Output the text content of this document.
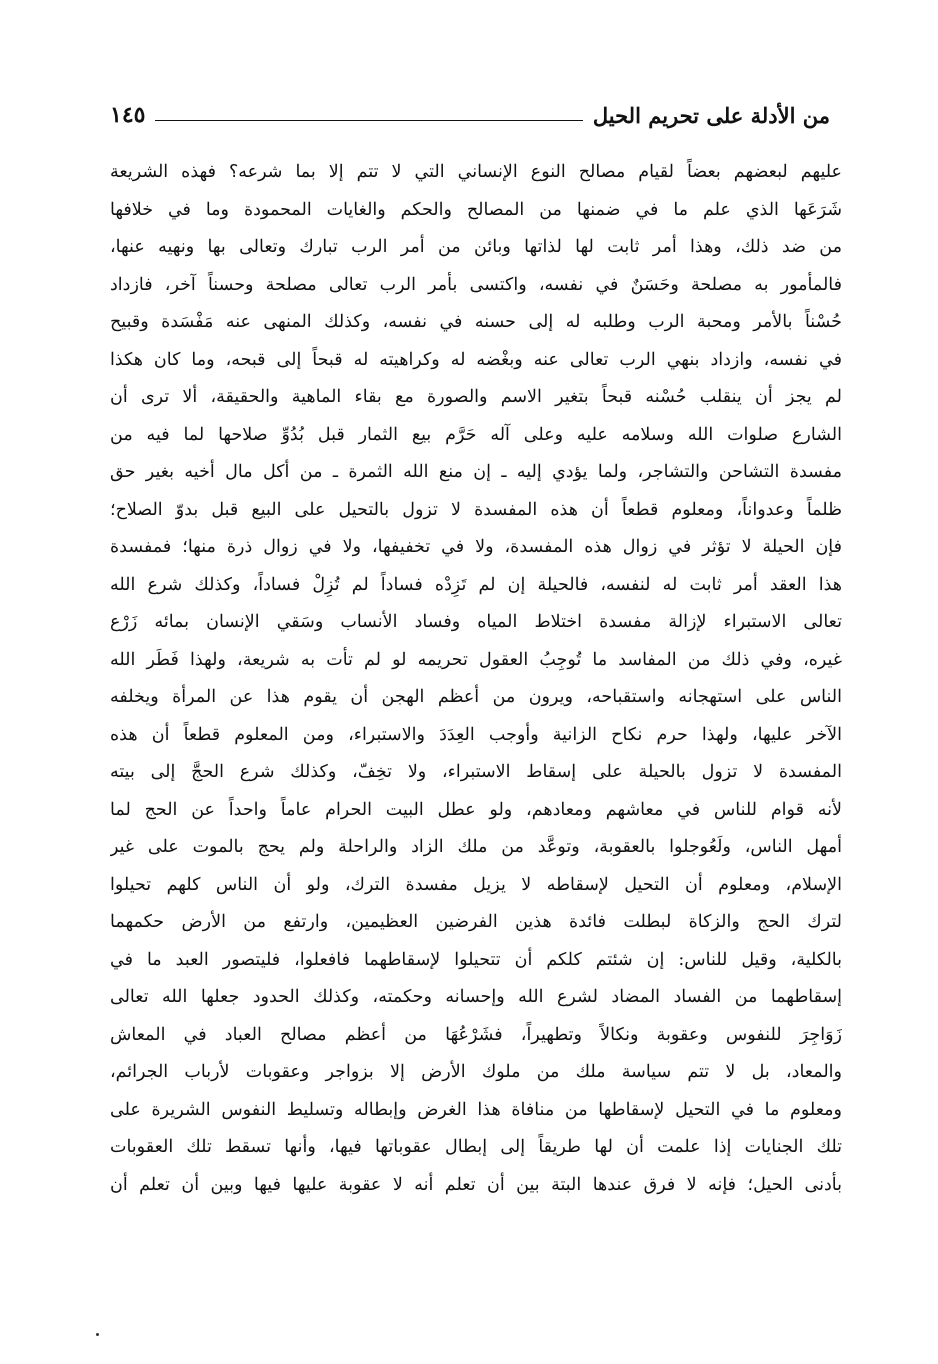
من الأدلة على تحريم الحيل
١٤٥
عليهم لبعضهم بعضاً لقيام مصالح النوع الإنساني التي لا تتم إلا بما شرعه؟ فهذه الشريعة
شَرَعَها الذي علم ما في ضمنها من المصالح والحكم والغايات المحمودة وما في خلافها
من ضد ذلك، وهذا أمر ثابت لها لذاتها وبائن من أمر الرب تبارك وتعالى بها ونهيه عنها،
فالمأمور به مصلحة وحَسَنٌ في نفسه، واكتسى بأمر الرب تعالى مصلحة وحسناً آخر، فازداد
حُسْناً بالأمر ومحبة الرب وطلبه له إلى حسنه في نفسه، وكذلك المنهى عنه مَفْسَدة وقبيح
في نفسه، وازداد بنهي الرب تعالى عنه وبغْضه له وكراهيته له قبحاً إلى قبحه، وما كان هكذا
لم يجز أن ينقلب حُسْنه قبحاً بتغير الاسم والصورة مع بقاء الماهية والحقيقة، ألا ترى أن
الشارع صلوات الله وسلامه عليه وعلى آله حَرَّم بيع الثمار قبل بُدُوِّ صلاحها لما فيه من
مفسدة التشاحن والتشاجر، ولما يؤدي إليه ـ إن منع الله الثمرة ـ من أكل مال أخيه بغير حق
ظلماً وعدواناً، ومعلوم قطعاً أن هذه المفسدة لا تزول بالتحيل على البيع قبل بدوّ الصلاح؛
فإن الحيلة لا تؤثر في زوال هذه المفسدة، ولا في تخفيفها، ولا في زوال ذرة منها؛ فمفسدة
هذا العقد أمر ثابت له لنفسه، فالحيلة إن لم تَزِدْه فساداً لم تُزِلْ فساداً، وكذلك شرع الله
تعالى الاستبراء لإزالة مفسدة اختلاط المياه وفساد الأنساب وسَقي الإنسان بمائه زَرْع
غيره، وفي ذلك من المفاسد ما تُوجِبُ العقول تحريمه لو لم تأت به شريعة، ولهذا فَطَر الله
الناس على استهجانه واستقباحه، ويرون من أعظم الهجن أن يقوم هذا عن المرأة ويخلفه
الآخر عليها، ولهذا حرم نكاح الزانية وأوجب العِدَدَ والاستبراء، ومن المعلوم قطعاً أن هذه
المفسدة لا تزول بالحيلة على إسقاط الاستبراء، ولا تخِفّ، وكذلك شرع الحجَّ إلى بيته
لأنه قوام للناس في معاشهم ومعادهم، ولو عطل البيت الحرام عاماً واحداً عن الحج لما
أمهل الناس، ولَعُوجلوا بالعقوبة، وتوعَّد من ملك الزاد والراحلة ولم يحج بالموت على غير
الإسلام، ومعلوم أن التحيل لإسقاطه لا يزيل مفسدة الترك، ولو أن الناس كلهم تحيلوا
لترك الحج والزكاة لبطلت فائدة هذين الفرضين العظيمين، وارتفع من الأرض حكمهما
بالكلية، وقيل للناس: إن شئتم كلكم أن تتحيلوا لإسقاطهما فافعلوا، فليتصور العبد ما في
إسقاطهما من الفساد المضاد لشرع الله وإحسانه وحكمته، وكذلك الحدود جعلها الله تعالى
زَوَاجِرَ للنفوس وعقوبة ونكالاً وتطهيراً، فشَرْعُهَا من أعظم مصالح العباد في المعاش
والمعاد، بل لا تتم سياسة ملك من ملوك الأرض إلا بزواجر وعقوبات لأرباب الجرائم،
ومعلوم ما في التحيل لإسقاطها من منافاة هذا الغرض وإبطاله وتسليط النفوس الشريرة على
تلك الجنايات إذا علمت أن لها طريقاً إلى إبطال عقوباتها فيها، وأنها تسقط تلك العقوبات
بأدنى الحيل؛ فإنه لا فرق عندها البتة بين أن تعلم أنه لا عقوبة عليها فيها وبين أن تعلم أن
